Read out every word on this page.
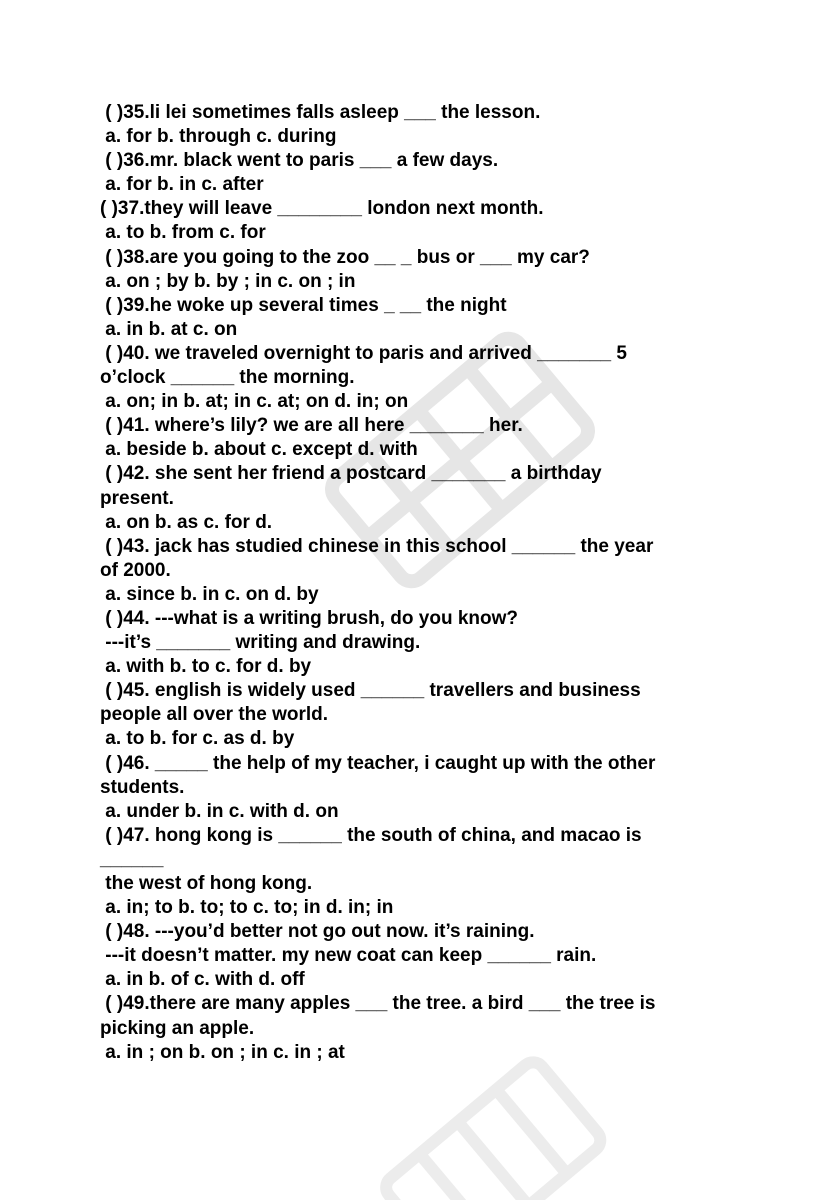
( )35.li lei sometimes falls asleep ___ the lesson.
a. for b. through c. during
( )36.mr. black went to paris ___ a few days.
a. for b. in c. after
( )37.they will leave ________ london next month.
a. to b. from c. for
( )38.are you going to the zoo __ _ bus or ___ my car?
a. on ; by b. by ; in c. on ; in
( )39.he woke up several times _ __ the night
a. in b. at c. on
( )40. we traveled overnight to paris and arrived _______ 5
o’clock ______ the morning.
a. on; in b. at; in c. at; on d. in; on
( )41. where’s lily? we are all here _______ her.
a. beside b. about c. except d. with
( )42. she sent her friend a postcard _______ a birthday
present.
a. on b. as c. for d.
( )43. jack has studied chinese in this school ______ the year
of 2000.
a. since b. in c. on d. by
( )44. ---what is a writing brush, do you know?
---it’s _______ writing and drawing.
a. with b. to c. for d. by
( )45. english is widely used ______ travellers and business
people all over the world.
a. to b. for c. as d. by
( )46. _____ the help of my teacher, i caught up with the other
students.
a. under b. in c. with d. on
( )47. hong kong is ______ the south of china, and macao is
______
the west of hong kong.
a. in; to b. to; to c. to; in d. in; in
( )48. ---you’d better not go out now. it’s raining.
---it doesn’t matter. my new coat can keep ______ rain.
a. in b. of c. with d. off
( )49.there are many apples ___ the tree. a bird ___ the tree is
picking an apple.
a. in ; on b. on ; in c. in ; at
